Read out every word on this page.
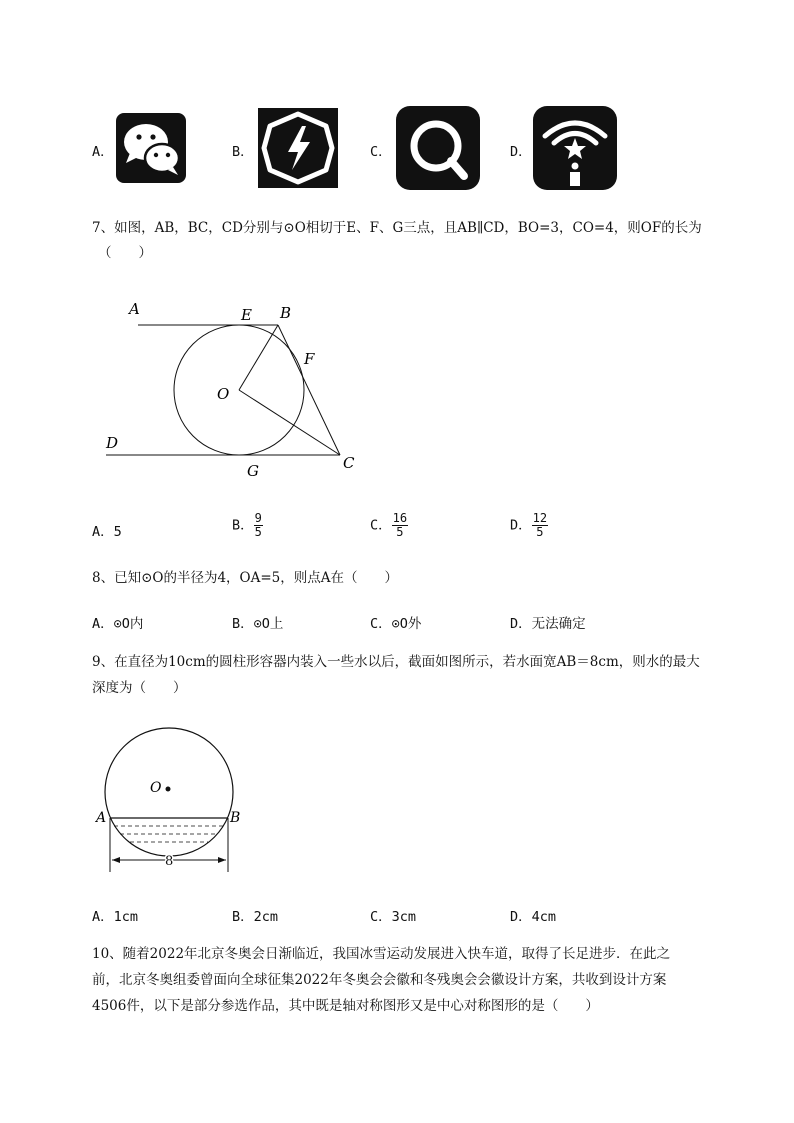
A．	B．	C．	D．
7、如图，AB，BC，CD分别与⊙O相切于E、F、G三点，且AB∥CD，BO=3，CO=4，则OF的长为
（　　）
A	E B
F
O
D
G	C
A．5	B． $\frac{9}{5}$	C． $\frac{16}{5}$	D． $\frac{12}{5}$
8、已知⊙O的半径为4，OA=5，则点A在（　　）
A．⊙O内	B．⊙O上	C．⊙O外	D．无法确定
9、在直径为10cm的圆柱形容器内装入一些水以后，截面如图所示，若水面宽AB＝8cm，则水的最大
深度为（　　）
O
A	B
8
A．1cm	B．2cm	C．3cm	D．4cm
10、随着2022年北京冬奥会日渐临近，我国冰雪运动发展进入快车道，取得了长足进步．在此之
前，北京冬奥组委曾面向全球征集2022年冬奥会会徽和冬残奥会会徽设计方案，共收到设计方案
4506件，以下是部分参选作品，其中既是轴对称图形又是中心对称图形的是（　　）
